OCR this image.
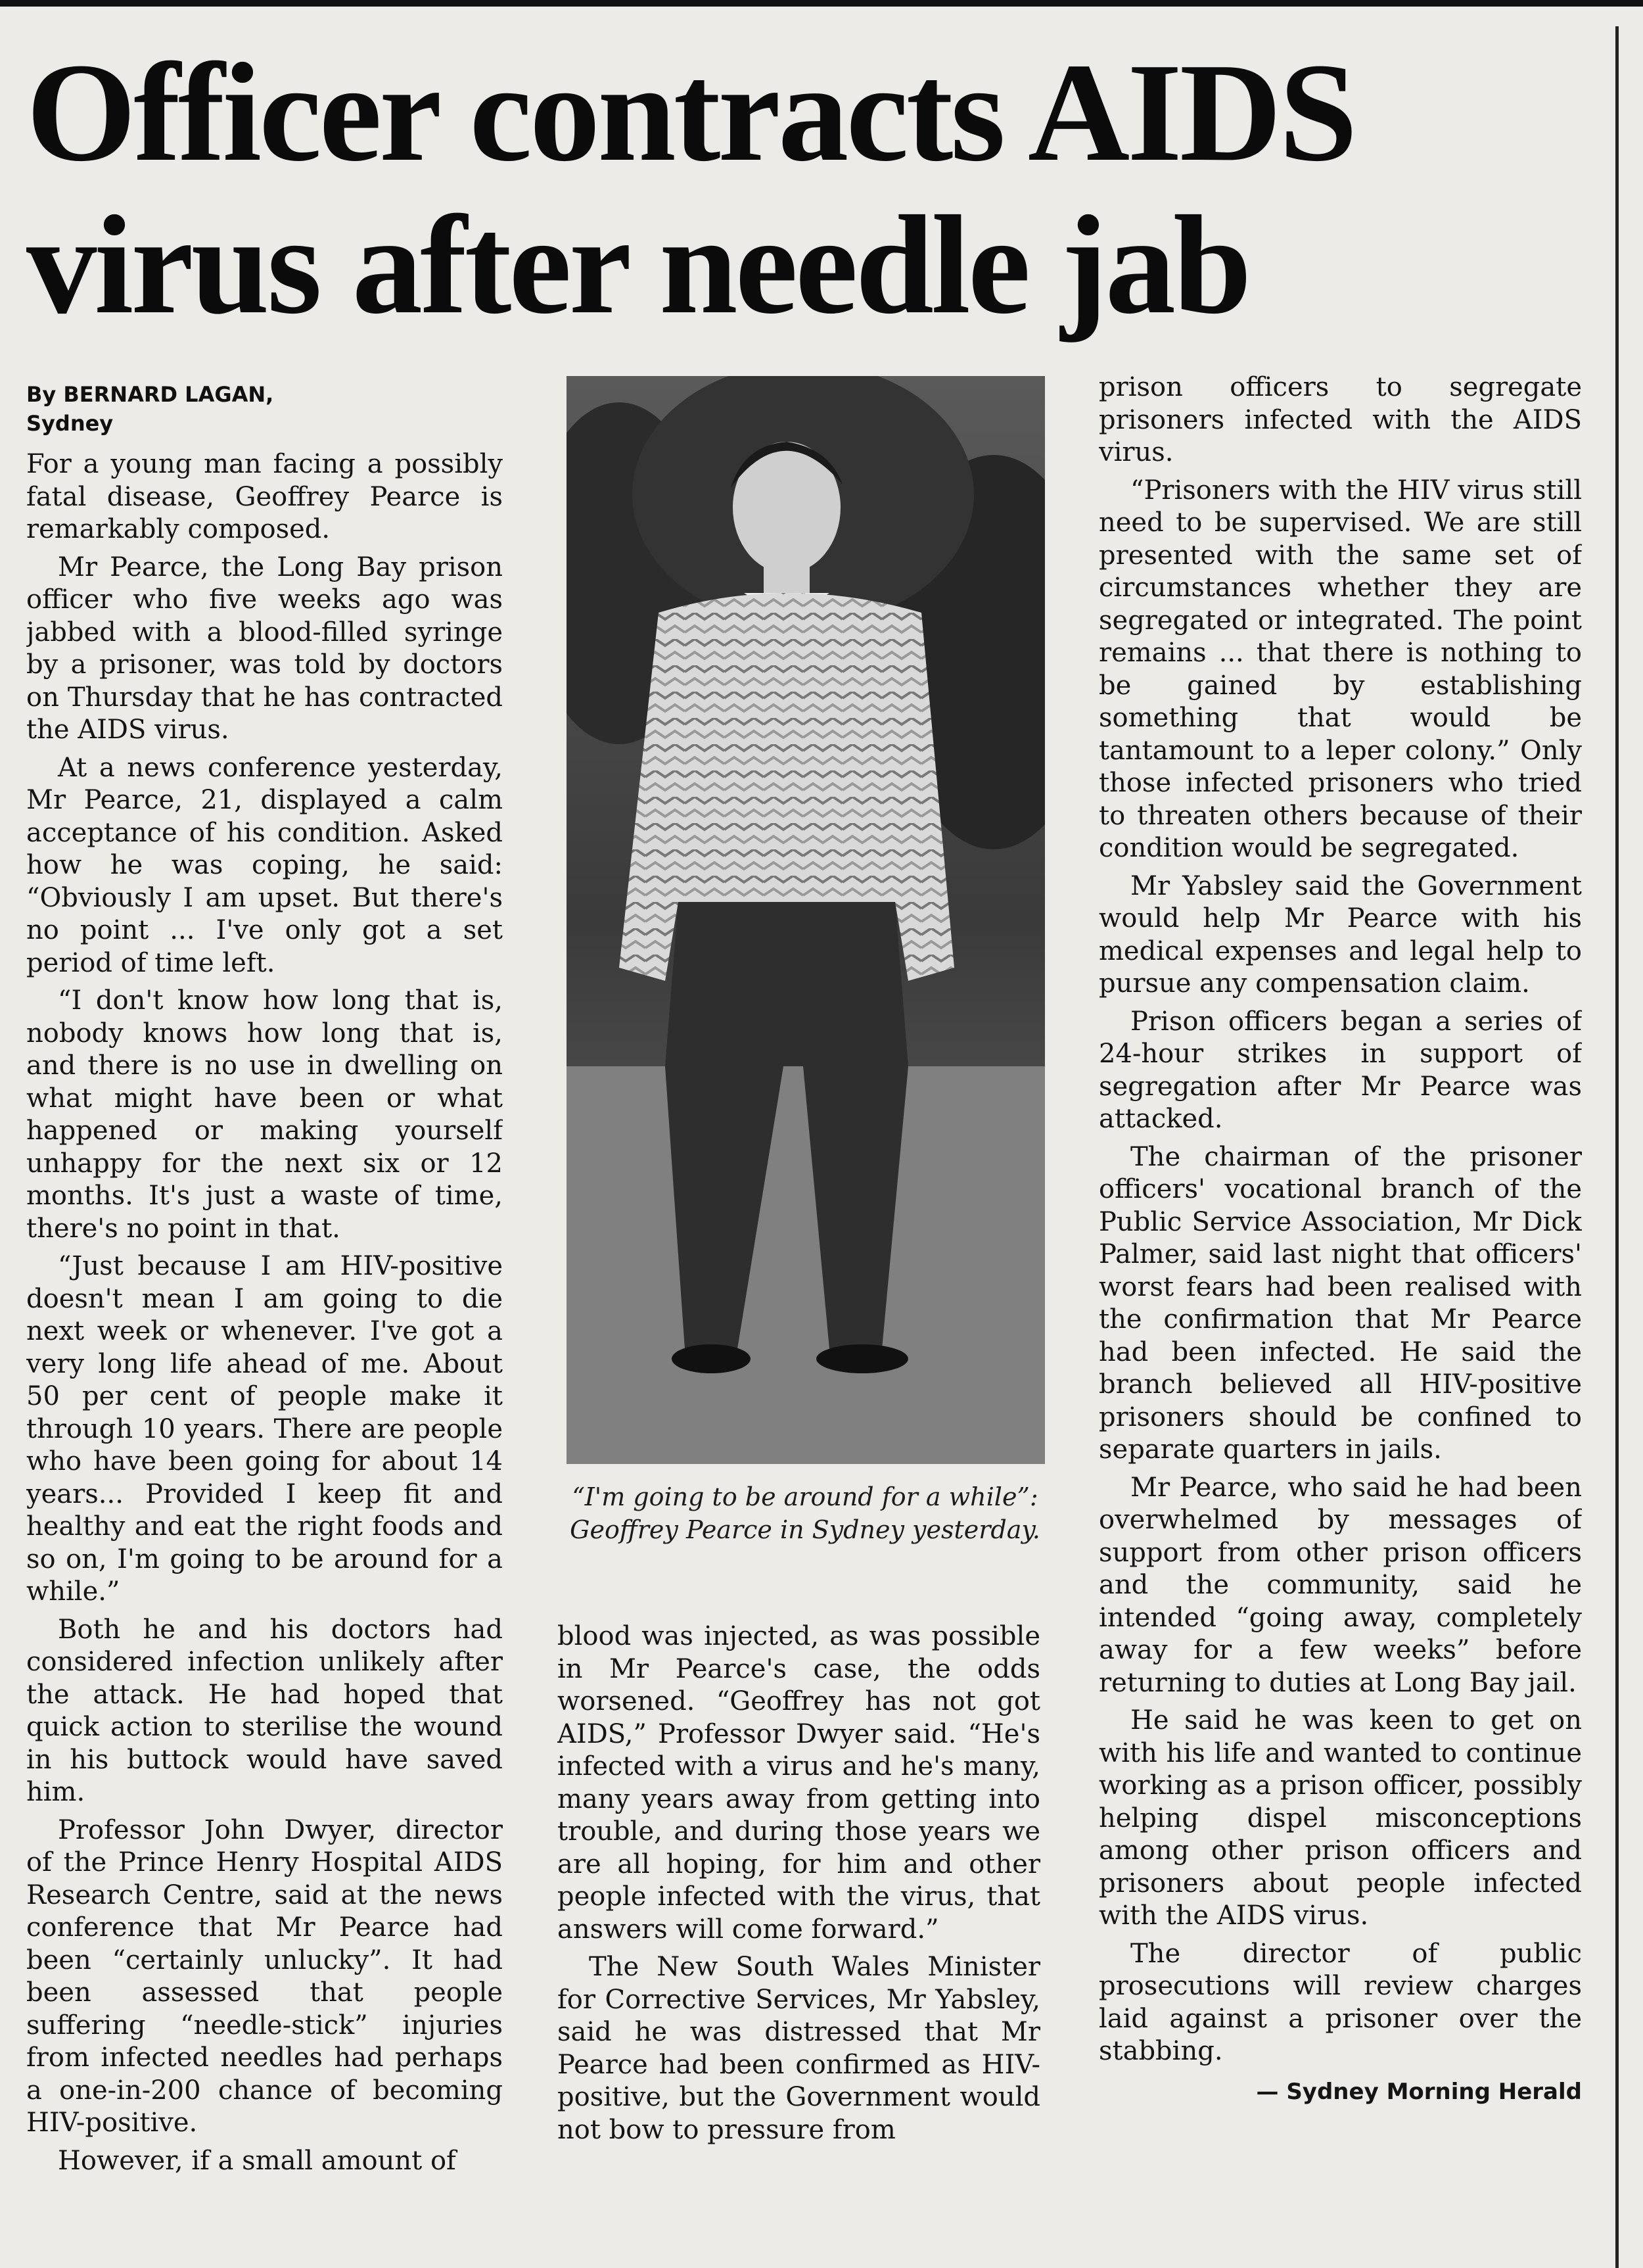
Officer contracts AIDS
virus after needle jab
By BERNARD LAGAN,
Sydney

For a young man facing a possibly fatal disease, Geoffrey Pearce is remarkably composed.

Mr Pearce, the Long Bay prison officer who five weeks ago was jabbed with a blood-filled syringe by a prisoner, was told by doctors on Thursday that he has contracted the AIDS virus.

At a news conference yesterday, Mr Pearce, 21, displayed a calm acceptance of his condition. Asked how he was coping, he said: “Obviously I am upset. But there's no point ... I've only got a set period of time left.

“I don't know how long that is, nobody knows how long that is, and there is no use in dwelling on what might have been or what happened or making yourself unhappy for the next six or 12 months. It's just a waste of time, there's no point in that.

“Just because I am HIV-positive doesn't mean I am going to die next week or whenever. I've got a very long life ahead of me. About 50 per cent of people make it through 10 years. There are people who have been going for about 14 years... Provided I keep fit and healthy and eat the right foods and so on, I'm going to be around for a while.”

Both he and his doctors had considered infection unlikely after the attack. He had hoped that quick action to sterilise the wound in his buttock would have saved him.

Professor John Dwyer, director of the Prince Henry Hospital AIDS Research Centre, said at the news conference that Mr Pearce had been “certainly unlucky”. It had been assessed that people suffering “needle-stick” injuries from infected needles had perhaps a one-in-200 chance of becoming HIV-positive.

However, if a small amount of

“I'm going to be around for a while”: Geoffrey Pearce in Sydney yesterday.

blood was injected, as was possible in Mr Pearce's case, the odds worsened. “Geoffrey has not got AIDS,” Professor Dwyer said. “He's infected with a virus and he's many, many years away from getting into trouble, and during those years we are all hoping, for him and other people infected with the virus, that answers will come forward.”

The New South Wales Minister for Corrective Services, Mr Yabsley, said he was distressed that Mr Pearce had been confirmed as HIV-positive, but the Government would not bow to pressure from

prison officers to segregate prisoners infected with the AIDS virus.

“Prisoners with the HIV virus still need to be supervised. We are still presented with the same set of circumstances whether they are segregated or integrated. The point remains ... that there is nothing to be gained by establishing something that would be tantamount to a leper colony.” Only those infected prisoners who tried to threaten others because of their condition would be segregated.

Mr Yabsley said the Government would help Mr Pearce with his medical expenses and legal help to pursue any compensation claim.

Prison officers began a series of 24-hour strikes in support of segregation after Mr Pearce was attacked.

The chairman of the prisoner officers' vocational branch of the Public Service Association, Mr Dick Palmer, said last night that officers' worst fears had been realised with the confirmation that Mr Pearce had been infected. He said the branch believed all HIV-positive prisoners should be confined to separate quarters in jails.

Mr Pearce, who said he had been overwhelmed by messages of support from other prison officers and the community, said he intended “going away, completely away for a few weeks” before returning to duties at Long Bay jail.

He said he was keen to get on with his life and wanted to continue working as a prison officer, possibly helping dispel misconceptions among other prison officers and prisoners about people infected with the AIDS virus.

The director of public prosecutions will review charges laid against a prisoner over the stabbing.

— Sydney Morning Herald
